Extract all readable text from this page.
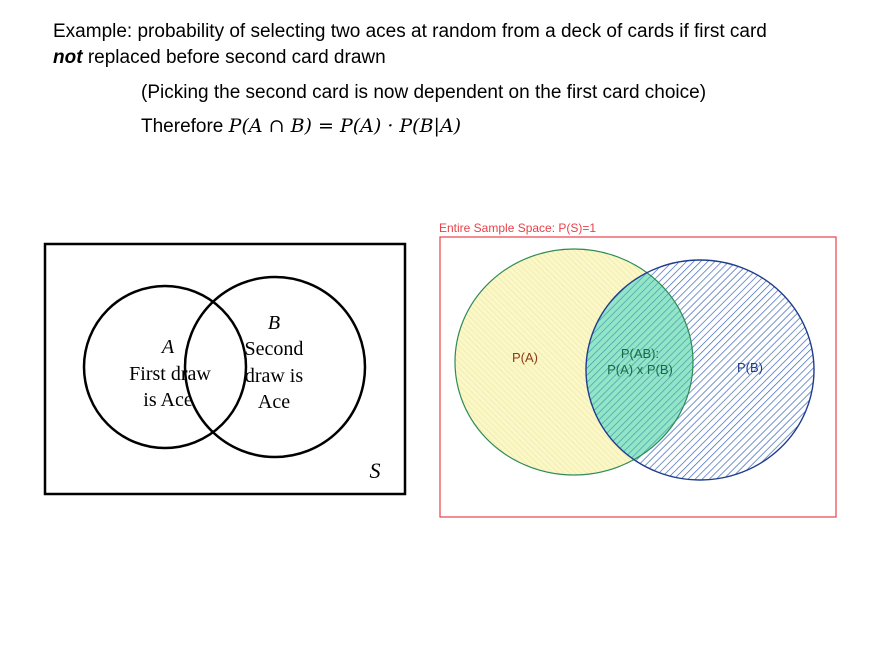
Example: probability of selecting two aces at random from a deck of cards if first card
not replaced before second card drawn
(Picking the second card is now dependent on the first card choice)
Therefore P(A ∩ B) = P(A) · P(B|A)
A
First draw
is Ace
B
Second
draw is
Ace
S
Entire Sample Space: P(S)=1
P(A)	P(AB):
P(A) x P(B)	P(B)
